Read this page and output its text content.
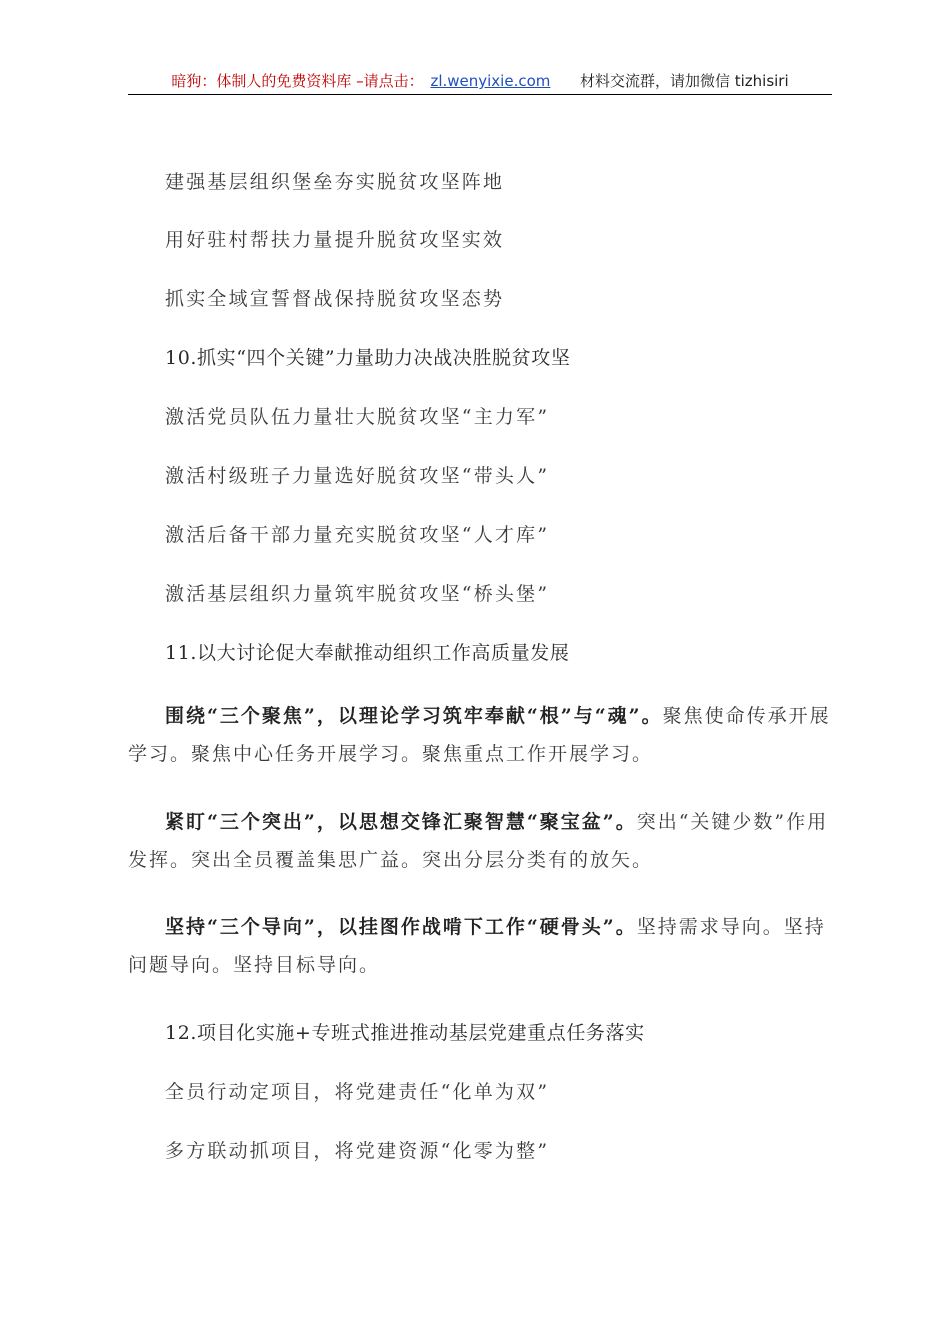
暗狗：体制人的免费资料库 –请点击： zl.wenyixie.com 材料交流群，请加微信 tizhisiri
建强基层组织堡垒夯实脱贫攻坚阵地
用好驻村帮扶力量提升脱贫攻坚实效
抓实全域宣誓督战保持脱贫攻坚态势
10.抓实“四个关键”力量助力决战决胜脱贫攻坚
激活党员队伍力量壮大脱贫攻坚“主力军”
激活村级班子力量选好脱贫攻坚“带头人”
激活后备干部力量充实脱贫攻坚“人才库”
激活基层组织力量筑牢脱贫攻坚“桥头堡”
11.以大讨论促大奉献推动组织工作高质量发展
围绕“三个聚焦”，以理论学习筑牢奉献“根”与“魂”。聚焦使命传承开展学习。聚焦中心任务开展学习。聚焦重点工作开展学习。
紧盯“三个突出”，以思想交锋汇聚智慧“聚宝盆”。突出“关键少数”作用发挥。突出全员覆盖集思广益。突出分层分类有的放矢。
坚持“三个导向”，以挂图作战啃下工作“硬骨头”。坚持需求导向。坚持问题导向。坚持目标导向。
12.项目化实施+专班式推进推动基层党建重点任务落实
全员行动定项目，将党建责任“化单为双”
多方联动抓项目，将党建资源“化零为整”
